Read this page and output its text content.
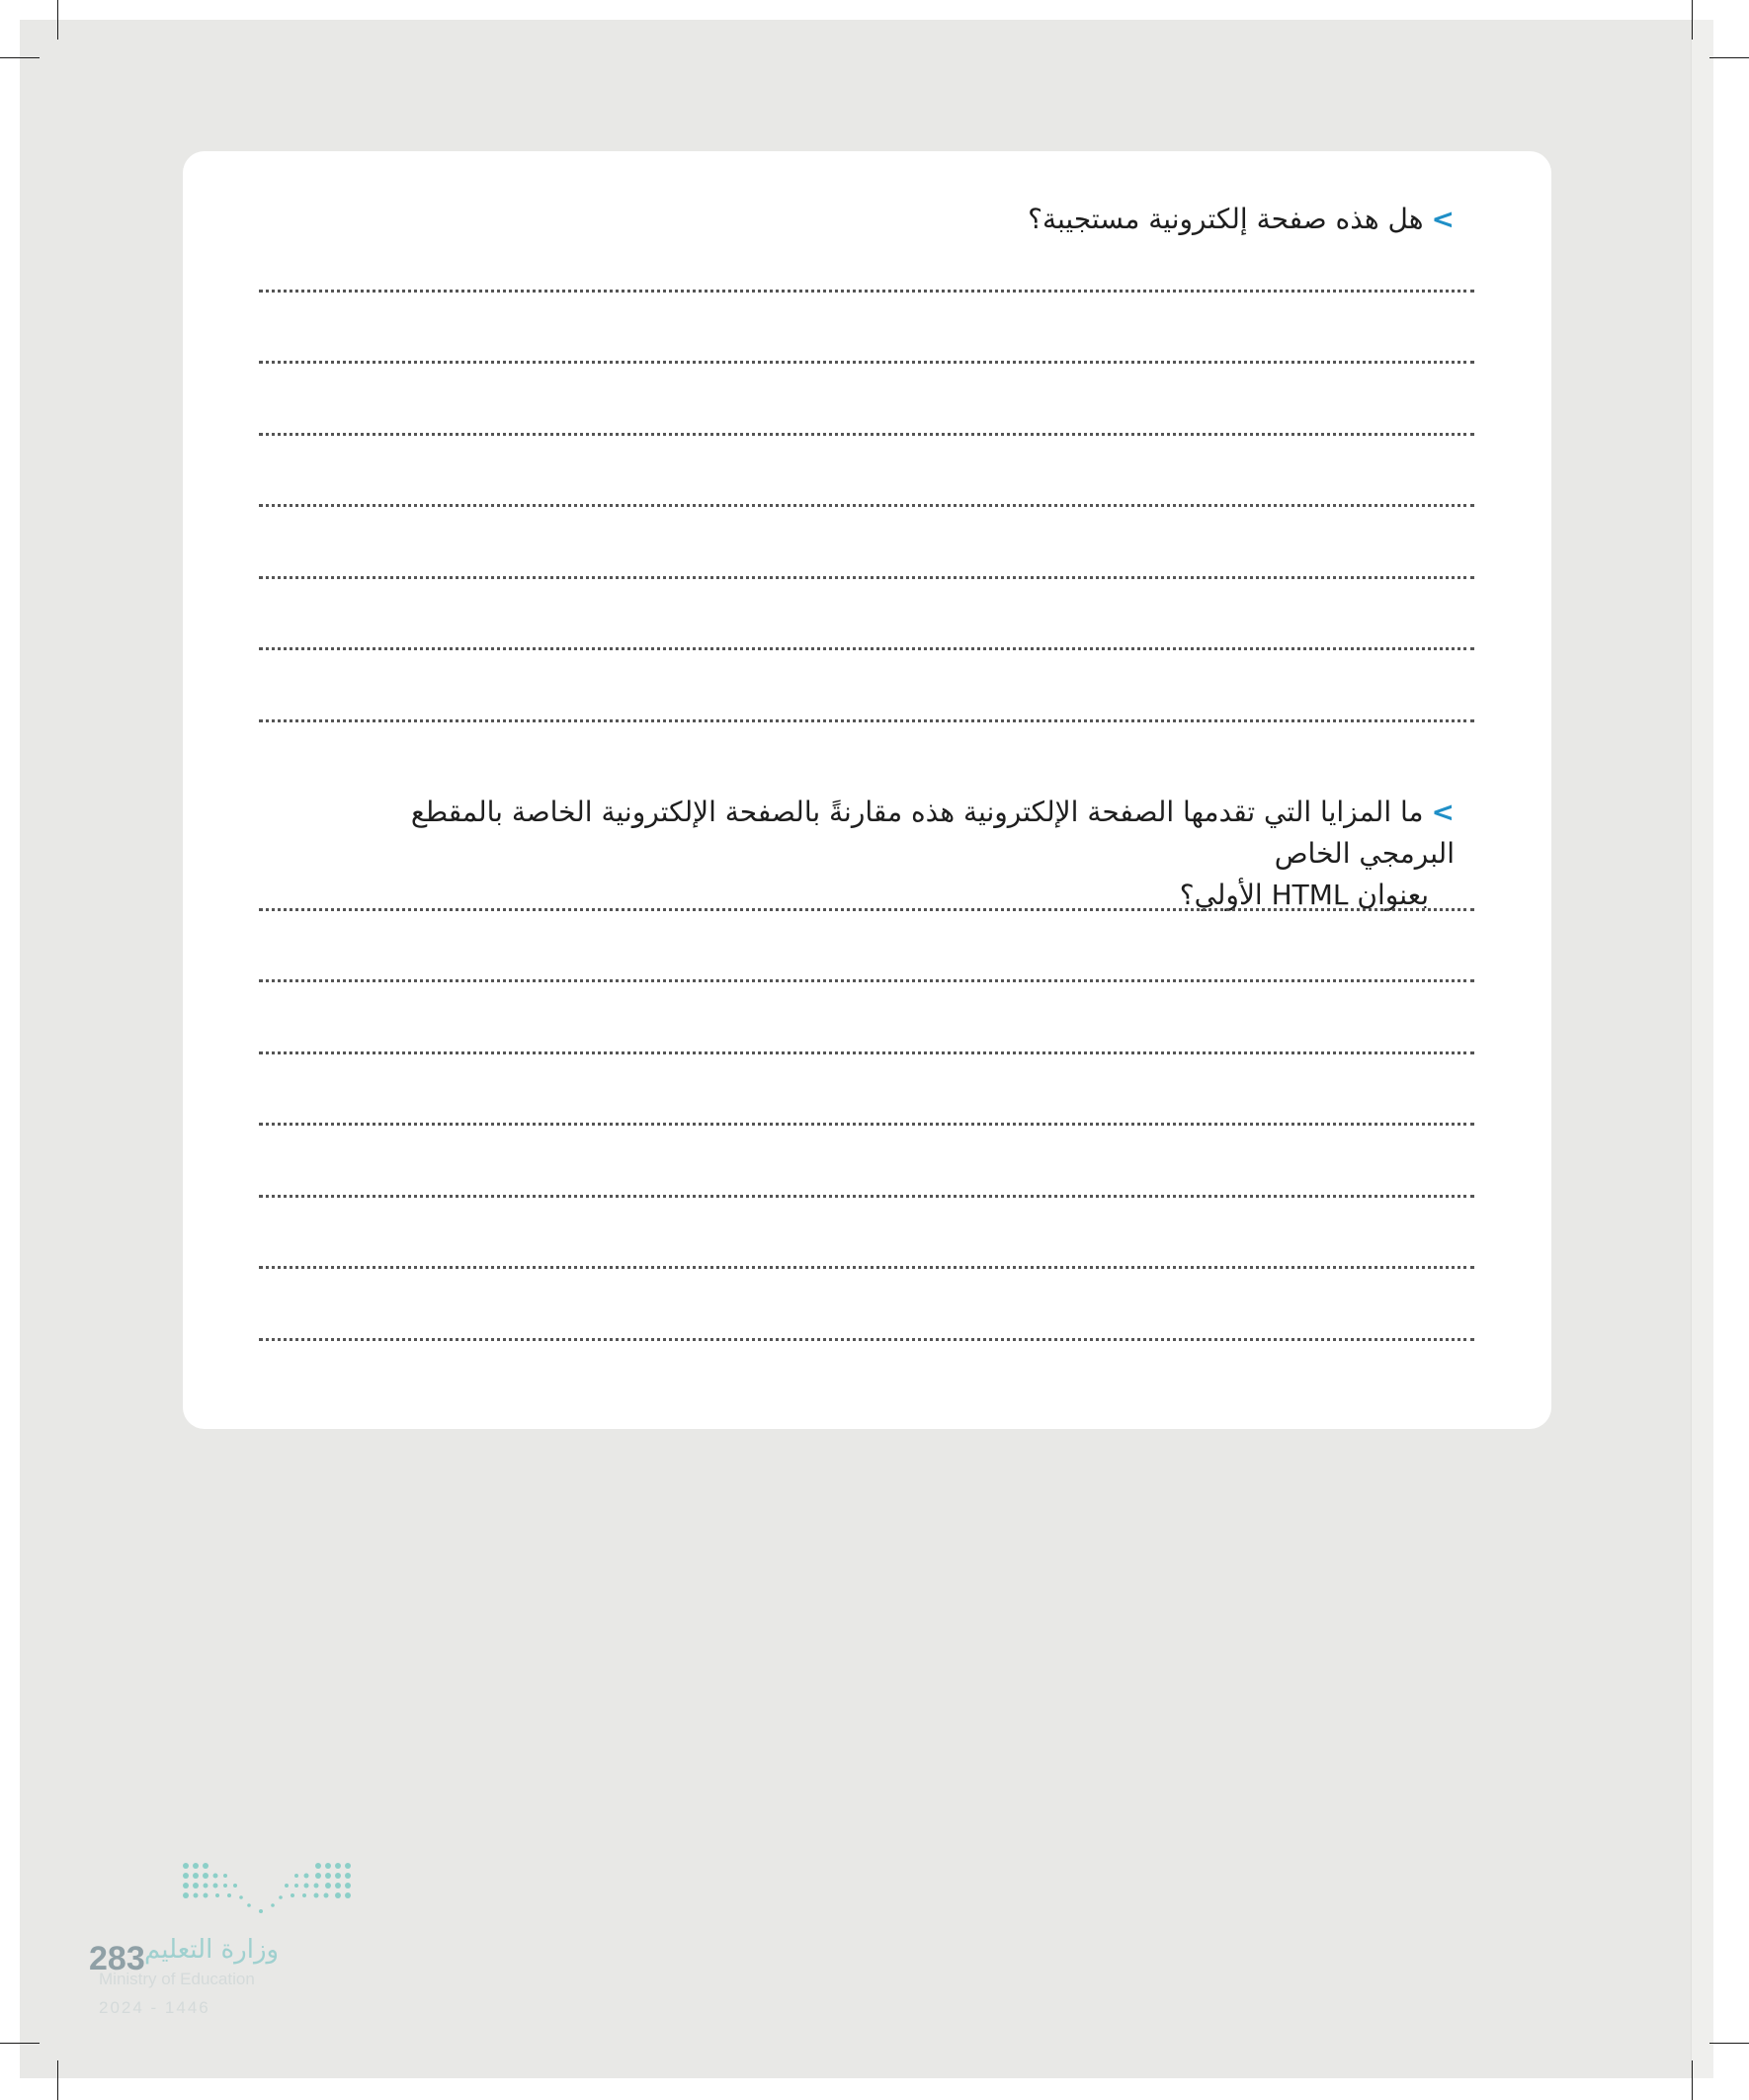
>هل هذه صفحة إلكترونية مستجيبة؟
>ما المزايا التي تقدمها الصفحة الإلكترونية هذه مقارنةً بالصفحة الإلكترونية الخاصة بالمقطع البرمجي الخاص
بعنوان HTML الأولي؟
وزارة التعليم
283
Ministry of Education
2024 - 1446
